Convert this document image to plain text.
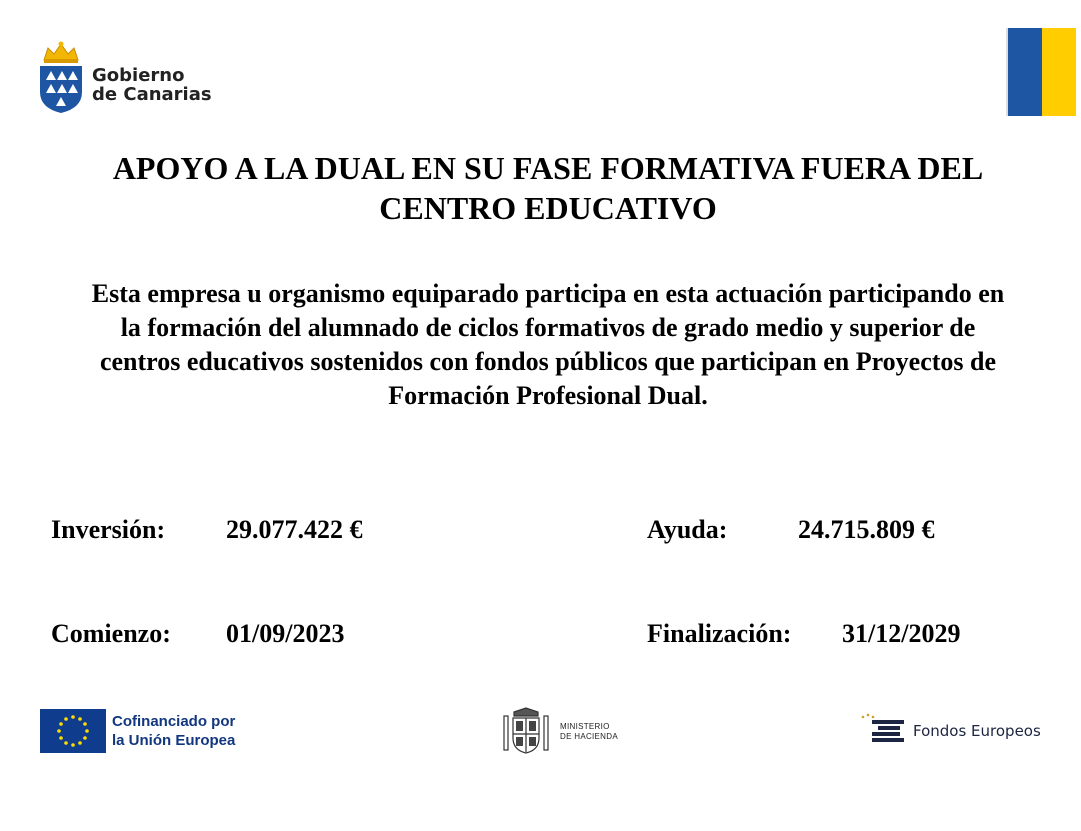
Gobierno
de Canarias
APOYO A LA DUAL EN SU FASE FORMATIVA FUERA DEL
CENTRO EDUCATIVO
Esta empresa u organismo equiparado participa en esta actuación participando en
la formación del alumnado de ciclos formativos de grado medio y superior de
centros educativos sostenidos con fondos públicos que participan en Proyectos de
Formación Profesional Dual.
Inversión: 29.077.422 €	Ayuda:	24.715.809 €
Comienzo: 01/09/2023	Finalización: 31/12/2029
Cofinanciado por
la Unión Europea
MINISTERIO
DE HACIENDA	Fondos Europeos
